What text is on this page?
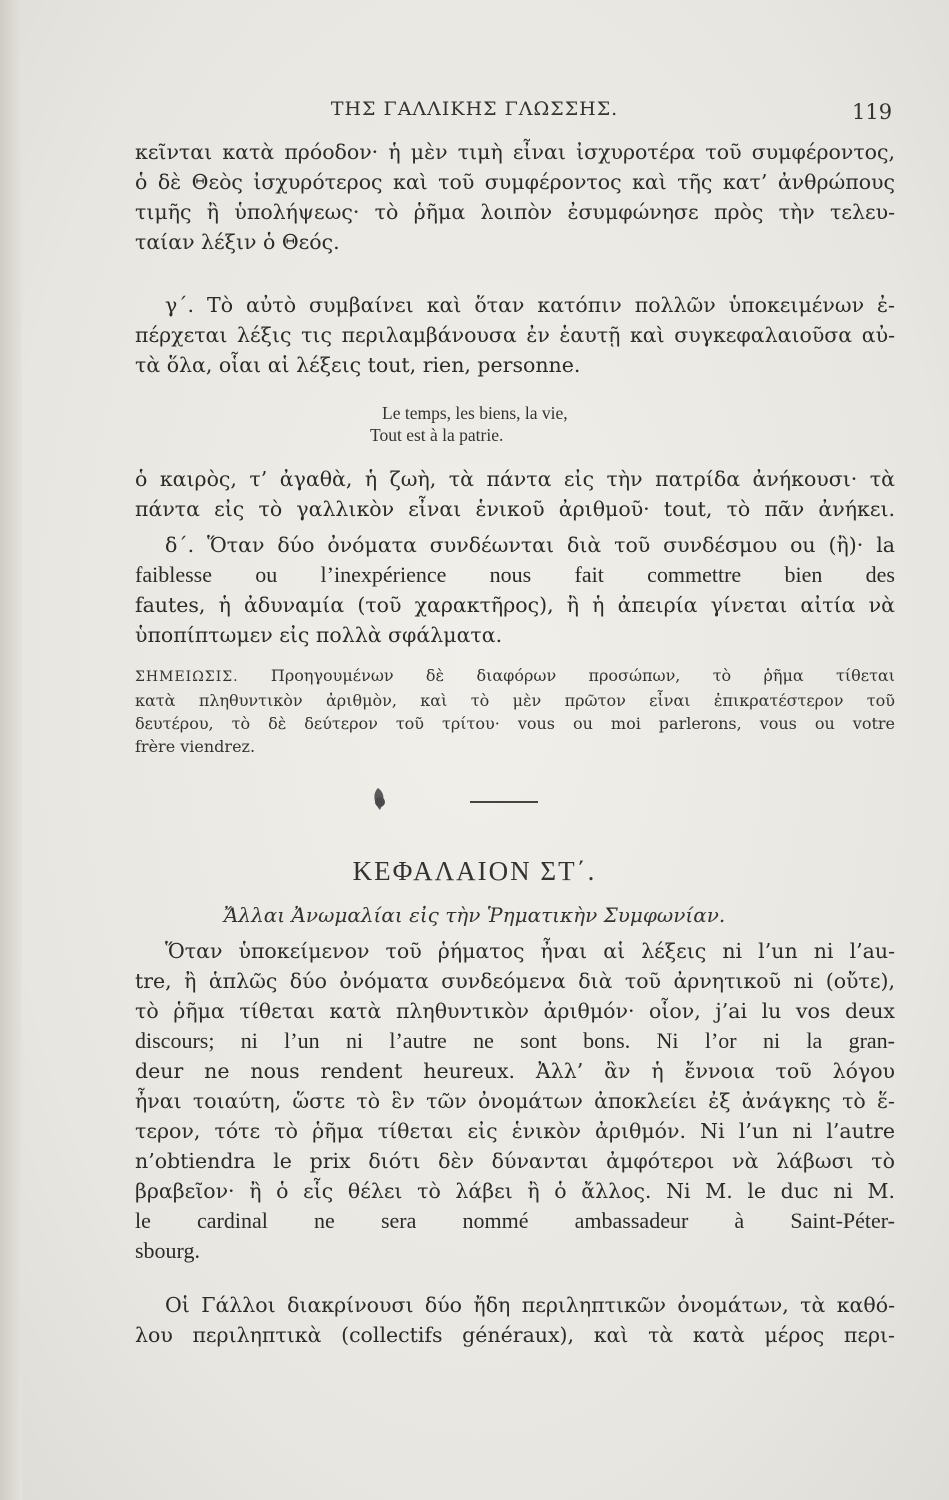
ΤΗΣ ΓΑΛΛΙΚΗΣ ΓΛΩΣΣΗΣ.	119
κεῖνται κατὰ πρόοδον· ἡ μὲν τιμὴ εἶναι ἰσχυροτέρα τοῦ συμφέροντος,
ὁ δὲ Θεὸς ἰσχυρότερος καὶ τοῦ συμφέροντος καὶ τῆς κατ’ ἀνθρώπους
τιμῆς ἢ ὑπολήψεως· τὸ ῥῆμα λοιπὸν ἐσυμφώνησε πρὸς τὴν τελευ-
ταίαν λέξιν ὁ Θεός.
γ΄. Τὸ αὐτὸ συμβαίνει καὶ ὅταν κατόπιν πολλῶν ὑποκειμένων ἐ-
πέρχεται λέξις τις περιλαμβάνουσα ἐν ἑαυτῇ καὶ συγκεφαλαιοῦσα αὐ-
τὰ ὅλα, οἷαι αἱ λέξεις tout, rien, personne.
Le temps, les biens, la vie,
Tout est à la patrie.
ὁ καιρὸς, τ’ ἀγαθὰ, ἡ ζωὴ, τὰ πάντα εἰς τὴν πατρίδα ἀνήκουσι· τὰ
πάντα εἰς τὸ γαλλικὸν εἶναι ἑνικοῦ ἀριθμοῦ· tout, τὸ πᾶν ἀνήκει.
δ΄. Ὅταν δύο ὀνόματα συνδέωνται διὰ τοῦ συνδέσμου ou (ἢ)· la
faiblesse ou l’inexpérience nous fait commettre bien des
fautes, ἡ ἀδυναμία (τοῦ χαρακτῆρος), ἢ ἡ ἀπειρία γίνεται αἰτία νὰ
ὑποπίπτωμεν εἰς πολλὰ σφάλματα.
ΣΗΜΕΙΩΣΙΣ. Προηγουμένων δὲ διαφόρων προσώπων, τὸ ῥῆμα τίθεται
κατὰ πληθυντικὸν ἀριθμὸν, καὶ τὸ μὲν πρῶτον εἶναι ἐπικρατέστερον τοῦ
δευτέρου, τὸ δὲ δεύτερον τοῦ τρίτου· vous ou moi parlerons, vous ou votre
frère viendrez.
ΚΕΦΑΛΑΙΟΝ ΣΤ΄.
Ἄλλαι Ἀνωμαλίαι εἰς τὴν Ῥηματικὴν Συμφωνίαν.
Ὅταν ὑποκείμενον τοῦ ῥήματος ἦναι αἱ λέξεις ni l’un ni l’au-
tre, ἢ ἁπλῶς δύο ὀνόματα συνδεόμενα διὰ τοῦ ἀρνητικοῦ ni (οὔτε),
τὸ ῥῆμα τίθεται κατὰ πληθυντικὸν ἀριθμόν· οἷον, j’ai lu vos deux
discours; ni l’un ni l’autre ne sont bons. Ni l’or ni la gran-
deur ne nous rendent heureux. Ἀλλ’ ἂν ἡ ἔννοια τοῦ λόγου
ἦναι τοιαύτη, ὥστε τὸ ἓν τῶν ὀνομάτων ἀποκλείει ἐξ ἀνάγκης τὸ ἕ-
τερον, τότε τὸ ῥῆμα τίθεται εἰς ἑνικὸν ἀριθμόν. Ni l’un ni l’autre
n’obtiendra le prix διότι δὲν δύνανται ἀμφότεροι νὰ λάβωσι τὸ
βραβεῖον· ἢ ὁ εἷς θέλει τὸ λάβει ἢ ὁ ἄλλος. Ni M. le duc ni M.
le cardinal ne sera nommé ambassadeur à Saint-Péter-
sbourg.
Οἱ Γάλλοι διακρίνουσι δύο ἤδη περιληπτικῶν ὀνομάτων, τὰ καθό-
λου περιληπτικὰ (collectifs généraux), καὶ τὰ κατὰ μέρος περι-
